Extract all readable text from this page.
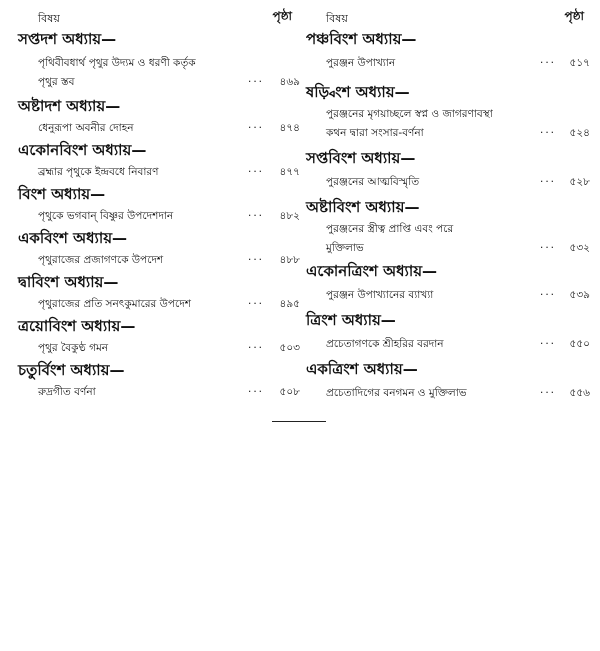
বিষয়	পৃষ্ঠা
সপ্তদশ অধ্যায়—
পৃথিবীবধার্থ পৃথুর উদ্যম ও ধরণী কর্তৃক
পৃথুর স্তব	···	৪৬৯
অষ্টাদশ অধ্যায়—
ধেনুরূপা অবনীর দোহন	···	৪৭৪
একোনবিংশ অধ্যায়—
ব্রহ্মার পৃথুকে ইন্দ্রবধে নিবারণ	···	৪৭৭
বিংশ অধ্যায়—
পৃথুকে ভগবান্ বিষ্ণুর উপদেশদান	···	৪৮২
একবিংশ অধ্যায়—
পৃথুরাজের প্রজাগণকে উপদেশ	···	৪৮৮
দ্বাবিংশ অধ্যায়—
পৃথুরাজের প্রতি সনৎকুমারের উপদেশ	···	৪৯৫
ত্রয়োবিংশ অধ্যায়—
পৃথুর বৈকুণ্ঠ গমন	···	৫০৩
চতুর্বিংশ অধ্যায়—
রুদ্রগীত বর্ণনা	···	৫০৮
বিষয়	পৃষ্ঠা
পঞ্চবিংশ অধ্যায়—
পুরঞ্জন উপাখ্যান	···	৫১৭
ষড়্বিংশ অধ্যায়—
পুরঞ্জনের মৃগয়াচ্ছলে স্বপ্ন ও জাগরণাবস্থা
কথন দ্বারা সংসার-বর্ণনা	···	৫২৪
সপ্তবিংশ অধ্যায়—
পুরঞ্জনের আত্মবিস্মৃতি	···	৫২৮
অষ্টাবিংশ অধ্যায়—
পুরঞ্জনের স্ত্রীত্ব প্রাপ্তি এবং পরে
মুক্তিলাভ	···	৫৩২
একোনত্রিংশ অধ্যায়—
পুরঞ্জন উপাখ্যানের ব্যাখ্যা	···	৫৩৯
ত্রিংশ অধ্যায়—
প্রচেতাগণকে শ্রীহরির বরদান	···	৫৫০
একত্রিংশ অধ্যায়—
প্রচেতাদিগের বনগমন ও মুক্তিলাভ	···	৫৫৬
